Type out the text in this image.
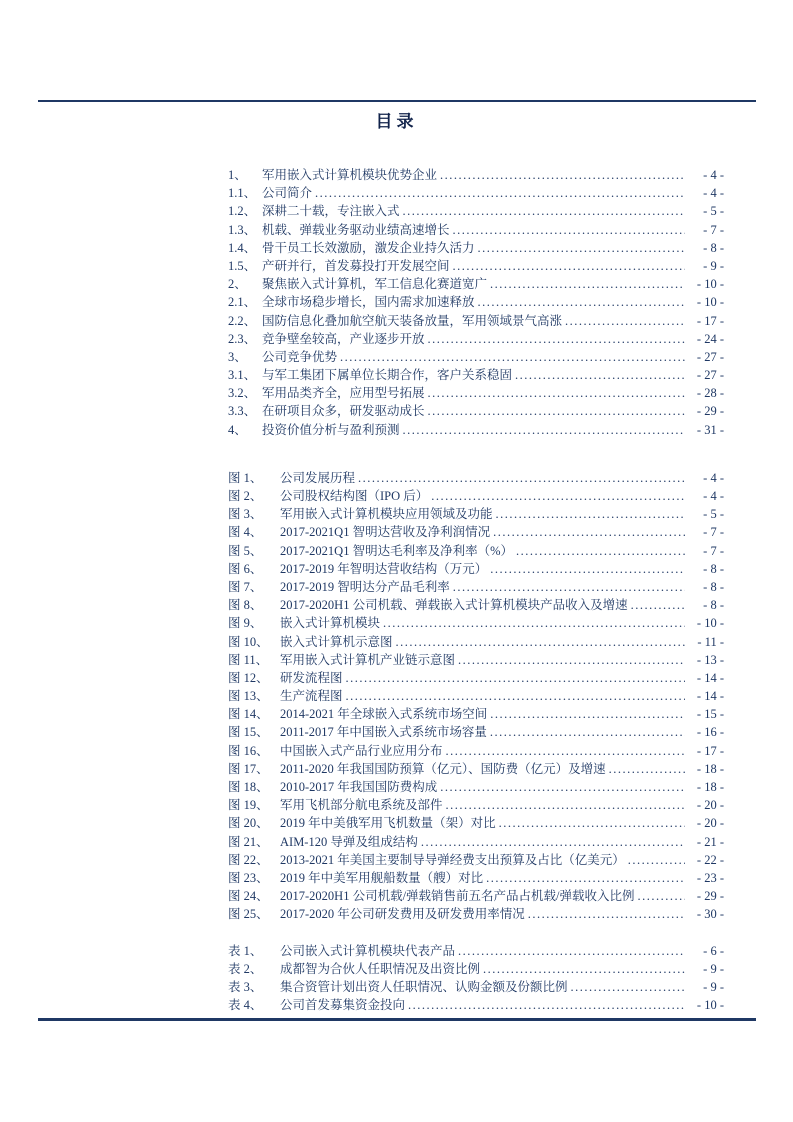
目录
1、	军用嵌入式计算机模块优势企业 .....	- 4 -
1.1、 公司简介 .....	- 4 -
1.2、 深耕二十载，专注嵌入式 .....	- 5 -
1.3、 机载、弹载业务驱动业绩高速增长 .....	- 7 -
1.4、 骨干员工长效激励，激发企业持久活力 .....	- 8 -
1.5、 产研并行，首发募投打开发展空间 .....	- 9 -
2、	聚焦嵌入式计算机，军工信息化赛道宽广 .....	- 10 -
2.1、 全球市场稳步增长，国内需求加速释放 .....	- 10 -
2.2、 国防信息化叠加航空航天装备放量，军用领域景气高涨 .....	- 17 -
2.3、 竞争壁垒较高，产业逐步开放 .....	- 24 -
3、	公司竞争优势 .....	- 27 -
3.1、 与军工集团下属单位长期合作，客户关系稳固 .....	- 27 -
3.2、 军用品类齐全，应用型号拓展 .....	- 28 -
3.3、 在研项目众多，研发驱动成长 .....	- 29 -
4、	投资价值分析与盈利预测 .....	- 31 -
图 1、	公司发展历程 .....	- 4 -
图 2、	公司股权结构图（IPO 后） .....	- 4 -
图 3、	军用嵌入式计算机模块应用领域及功能 .....	- 5 -
图 4、	2017-2021Q1 智明达营收及净利润情况 .....	- 7 -
图 5、	2017-2021Q1 智明达毛利率及净利率（%） .....	- 7 -
图 6、	2017-2019 年智明达营收结构（万元） .....	- 8 -
图 7、	2017-2019 智明达分产品毛利率 .....	- 8 -
图 8、	2017-2020H1 公司机载、弹载嵌入式计算机模块产品收入及增速 .....	- 8 -
图 9、	嵌入式计算机模块 .....	- 10 -
图 10、 嵌入式计算机示意图 .....	- 11 -
图 11、 军用嵌入式计算机产业链示意图 .....	- 13 -
图 12、 研发流程图 .....	- 14 -
图 13、 生产流程图 .....	- 14 -
图 14、 2014-2021 年全球嵌入式系统市场空间 .....	- 15 -
图 15、 2011-2017 年中国嵌入式系统市场容量 .....	- 16 -
图 16、 中国嵌入式产品行业应用分布 .....	- 17 -
图 17、 2011-2020 年我国国防预算（亿元）、国防费（亿元）及增速 .....	- 18 -
图 18、 2010-2017 年我国国防费构成 .....	- 18 -
图 19、 军用飞机部分航电系统及部件 .....	- 20 -
图 20、 2019 年中美俄军用飞机数量（架）对比 .....	- 20 -
图 21、 AIM-120 导弹及组成结构 .....	- 21 -
图 22、 2013-2021 年美国主要制导导弹经费支出预算及占比（亿美元） .....	- 22 -
图 23、 2019 年中美军用舰船数量（艘）对比 .....	- 23 -
图 24、 2017-2020H1 公司机载/弹载销售前五名产品占机载/弹载收入比例 .....	- 29 -
图 25、 2017-2020 年公司研发费用及研发费用率情况 .....	- 30 -
表 1、	公司嵌入式计算机模块代表产品 .....	- 6 -
表 2、	成都智为合伙人任职情况及出资比例 .....	- 9 -
表 3、	集合资管计划出资人任职情况、认购金额及份额比例 .....	- 9 -
表 4、	公司首发募集资金投向 .....	- 10 -
